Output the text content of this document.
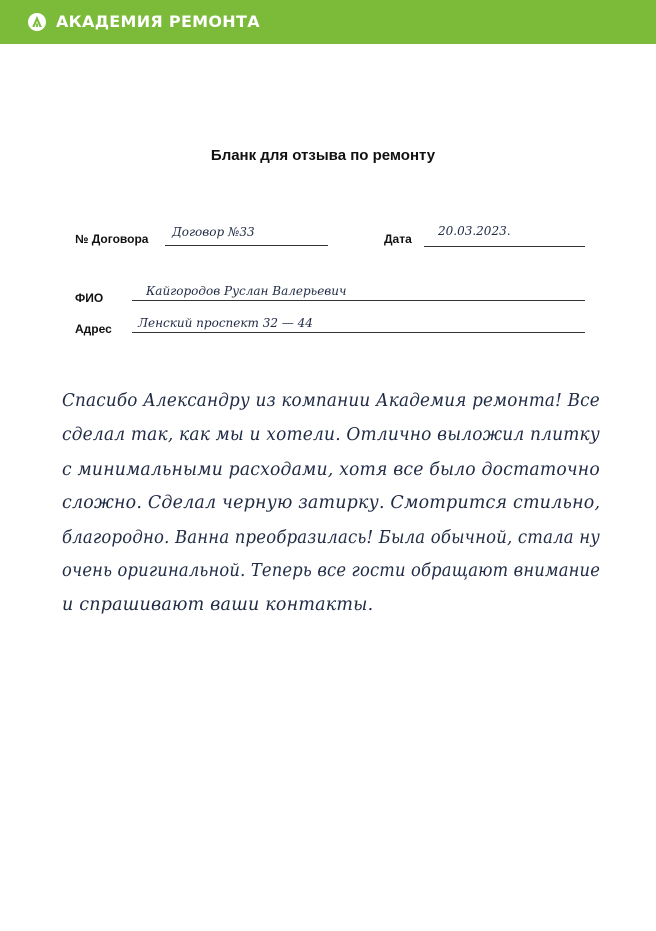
АКАДЕМИЯ РЕМОНТА
Бланк для отзыва по ремонту
№ Договора Договор №33	Дата
20.03.2023.
ФИО	Кайгородов Руслан Валерьевич
Адрес Ленский проспект 32 — 44
Спасибо Александру из компании Академия ремонта! Все
сделал так, как мы и хотели. Отлично выложил плитку
с минимальными расходами, хотя все было достаточно
сложно. Сделал черную затирку. Смотрится стильно,
благородно. Ванна преобразилась! Была обычной, стала ну
очень оригинальной. Теперь все гости обращают внимание
и спрашивают ваши контакты.
